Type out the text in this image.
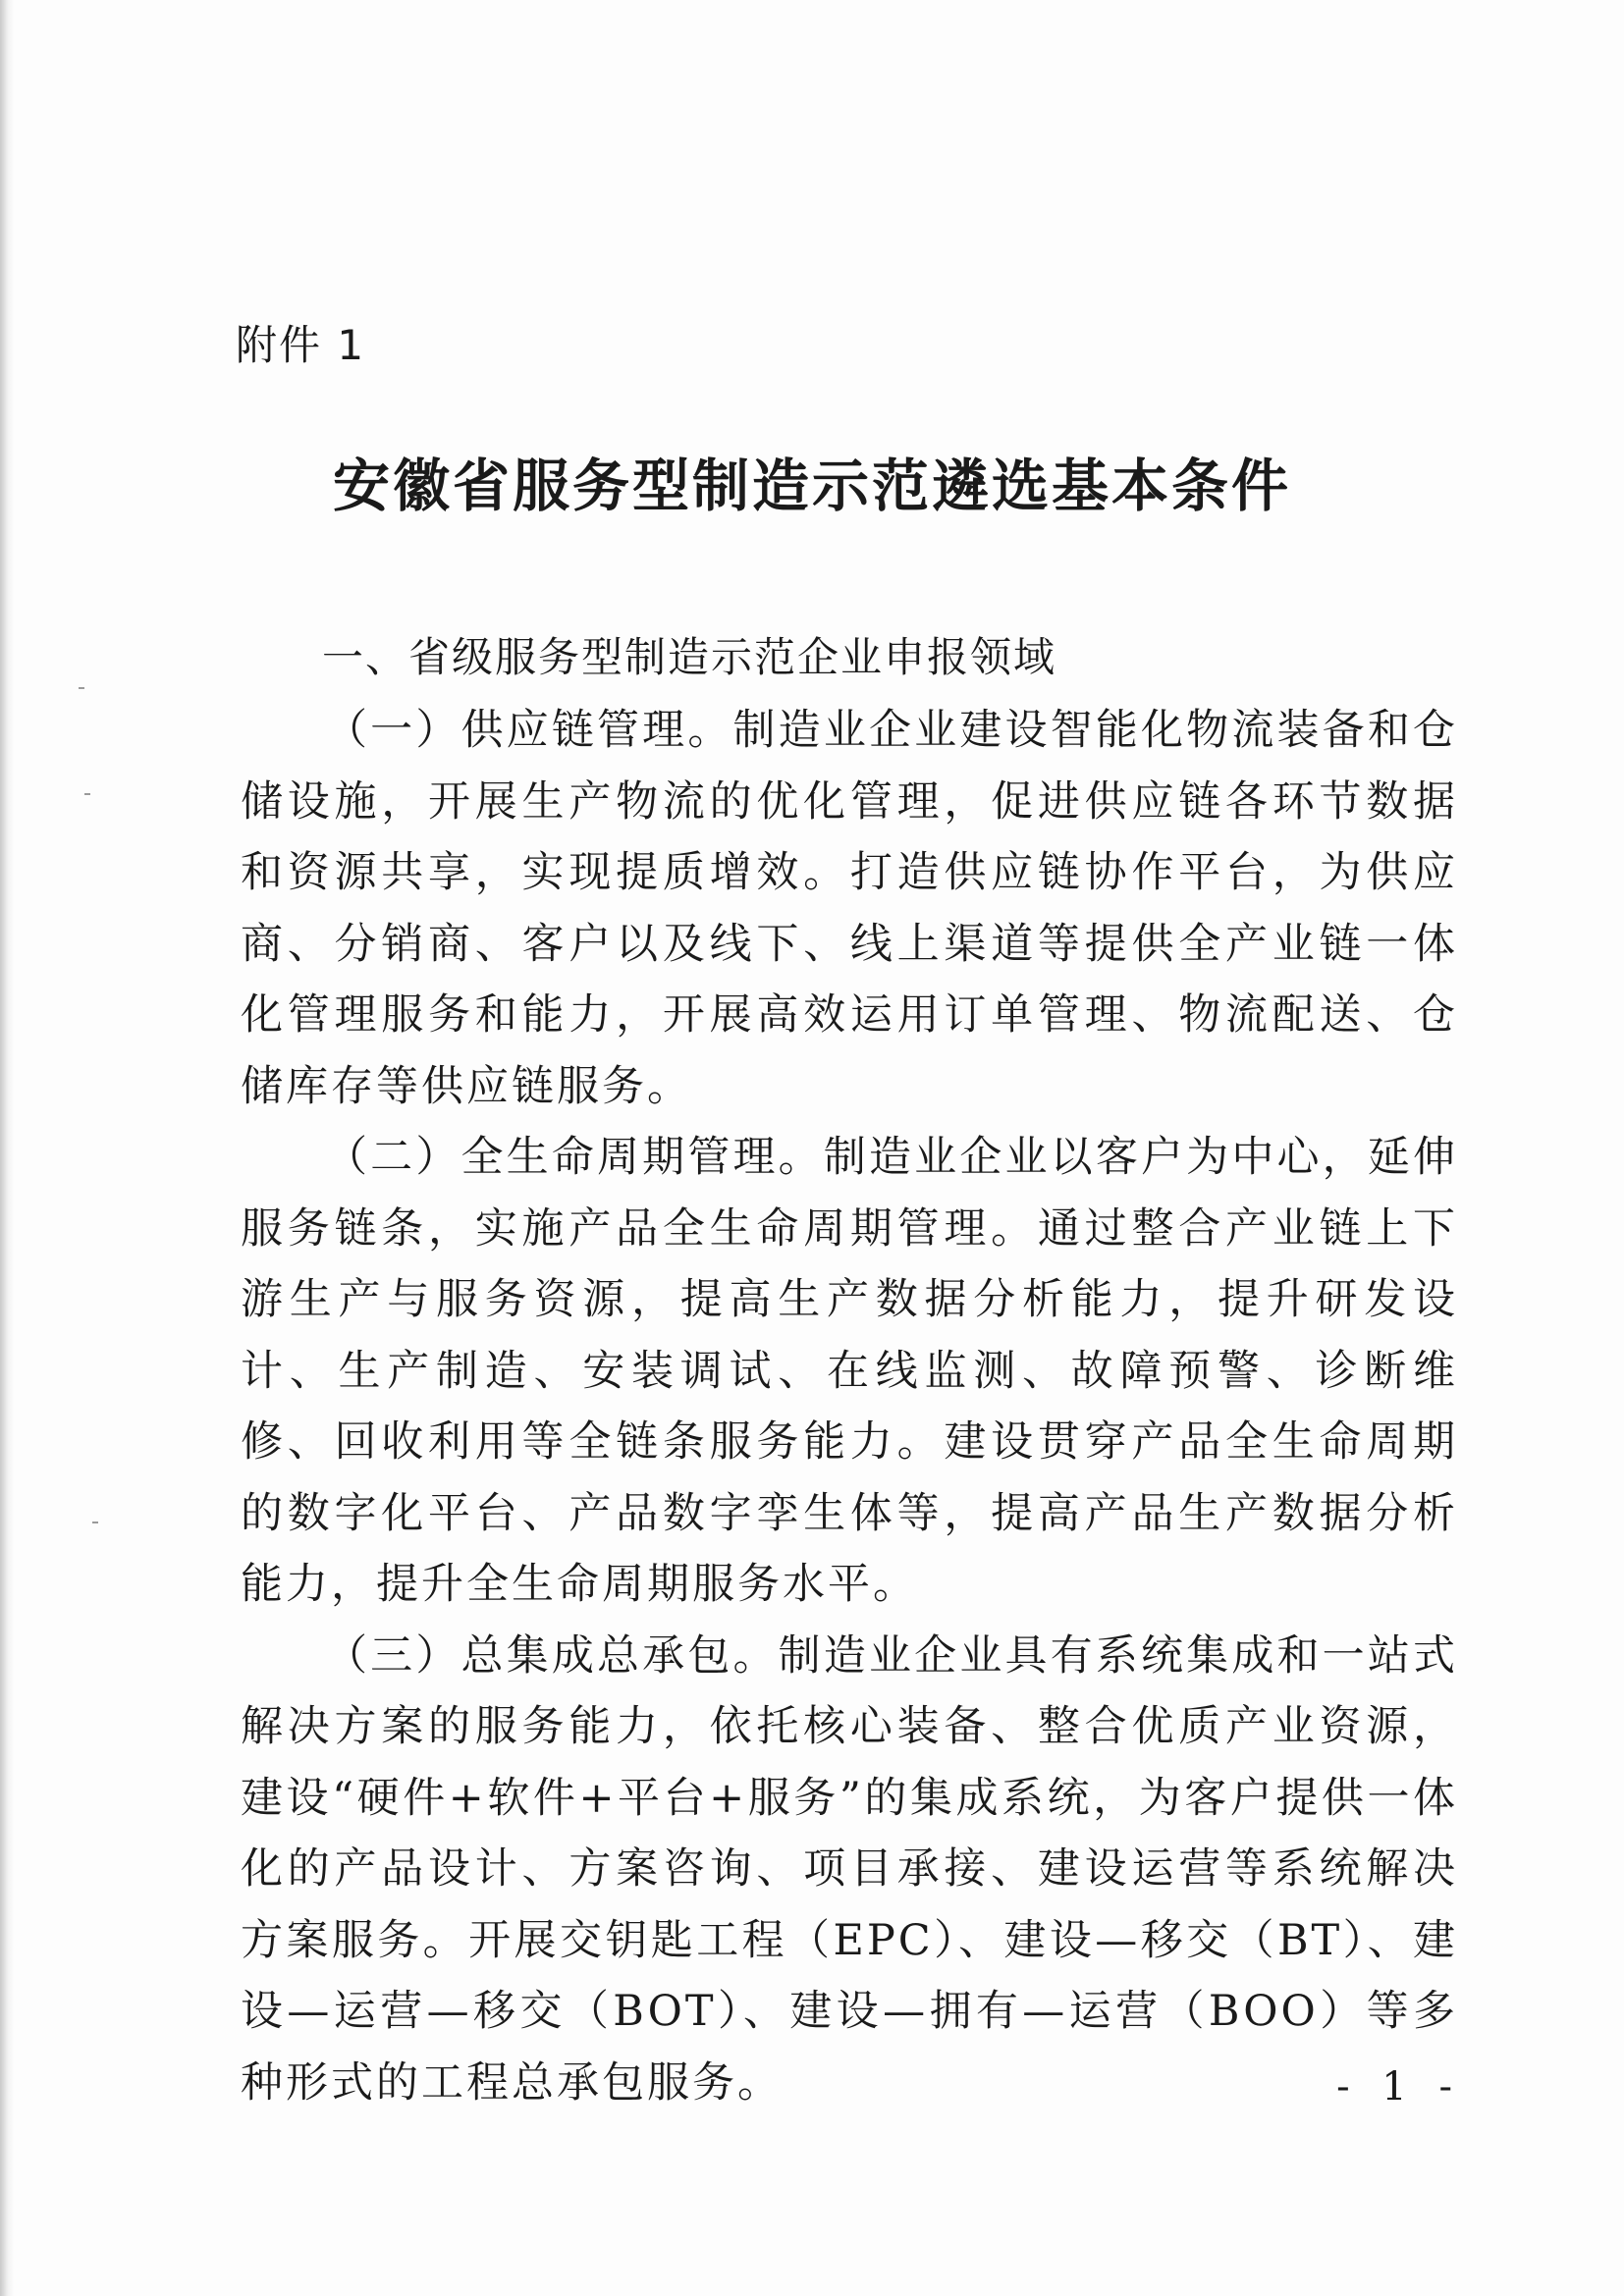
附件 1
安徽省服务型制造示范遴选基本条件
一、省级服务型制造示范企业申报领域

（一）供应链管理。制造业企业建设智能化物流装备和仓储设施，开展生产物流的优化管理，促进供应链各环节数据和资源共享，实现提质增效。打造供应链协作平台，为供应商、分销商、客户以及线下、线上渠道等提供全产业链一体化管理服务和能力，开展高效运用订单管理、物流配送、仓储库存等供应链服务。

（二）全生命周期管理。制造业企业以客户为中心，延伸服务链条，实施产品全生命周期管理。通过整合产业链上下游生产与服务资源，提高生产数据分析能力，提升研发设计、生产制造、安装调试、在线监测、故障预警、诊断维修、回收利用等全链条服务能力。建设贯穿产品全生命周期的数字化平台、产品数字孪生体等，提高产品生产数据分析能力，提升全生命周期服务水平。

（三）总集成总承包。制造业企业具有系统集成和一站式解决方案的服务能力，依托核心装备、整合优质产业资源，建设“硬件+软件+平台+服务”的集成系统，为客户提供一体化的产品设计、方案咨询、项目承接、建设运营等系统解决方案服务。开展交钥匙工程（EPC）、建设—移交（BT）、建设—运营—移交（BOT）、建设—拥有—运营（BOO）等多种形式的工程总承包服务。	- 1 -
